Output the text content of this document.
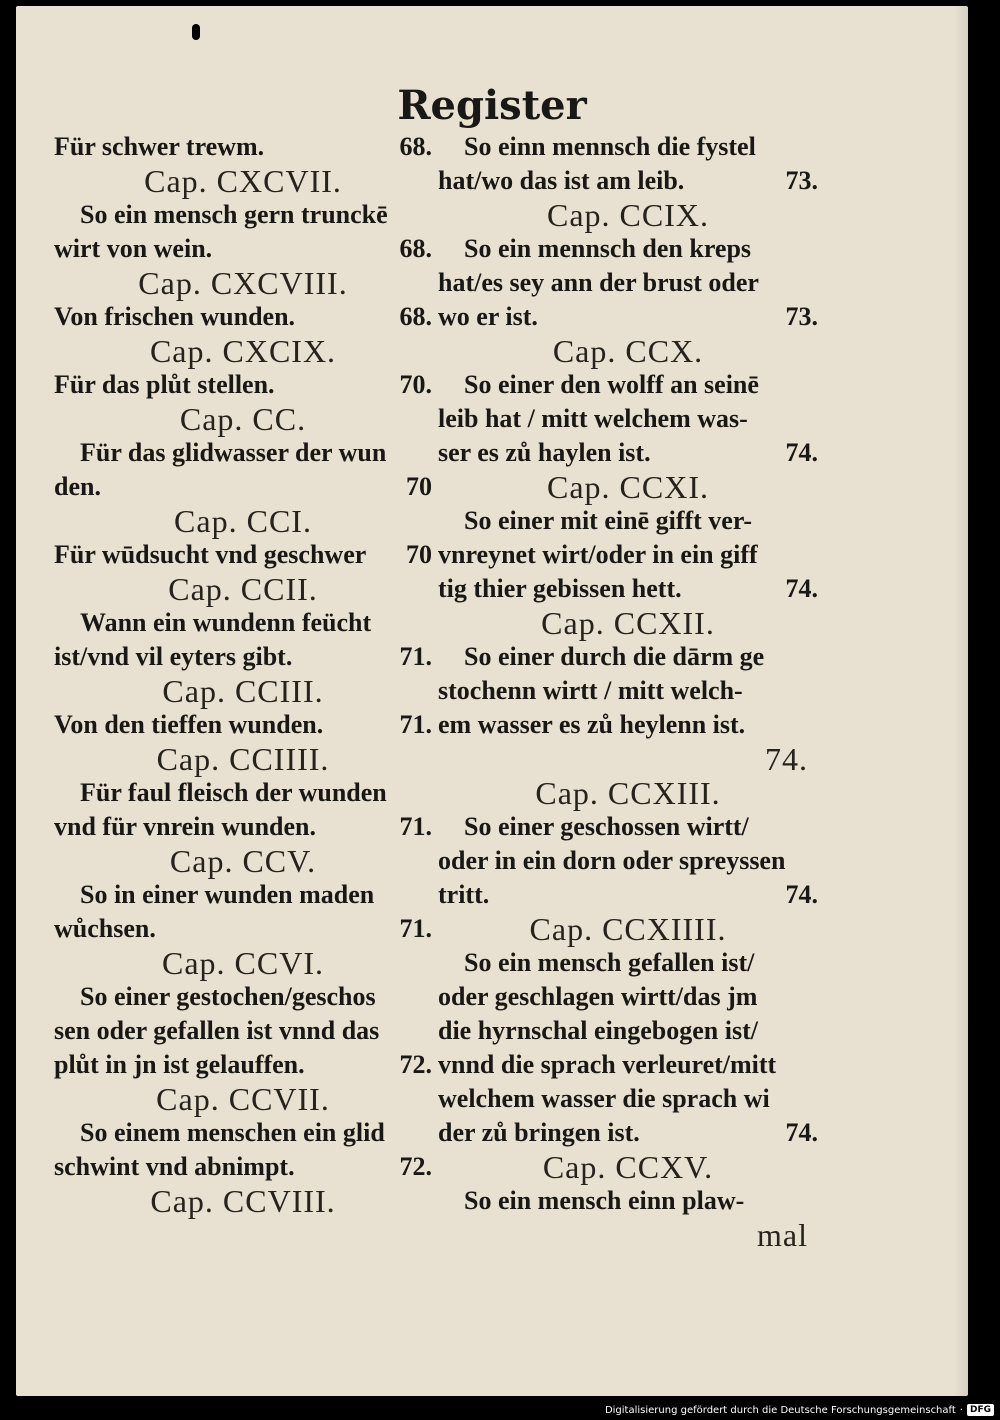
Register
Für schwer trewm.	68.
Cap. CXCVII.
So ein mensch gern trunckē
wirt von wein.	68.
Cap. CXCVIII.
Von frischen wunden.	68.
Cap. CXCIX.
Für das plůt stellen.	70.
Cap. CC.
Für das glidwasser der wun
den.	70
Cap. CCI.
Für wūdsucht vnd geschwer	70
Cap. CCII.
Wann ein wundenn feücht
ist/vnd vil eyters gibt.	71.
Cap. CCIII.
Von den tieffen wunden.	71.
Cap. CCIIII.
Für faul fleisch der wunden
vnd für vnrein wunden.	71.
Cap. CCV.
So in einer wunden maden
wůchsen.	71.
Cap. CCVI.
So einer gestochen/geschos
sen oder gefallen ist vnnd das
plůt in jn ist gelauffen.	72.
Cap. CCVII.
So einem menschen ein glid
schwint vnd abnimpt.	72.
Cap. CCVIII.
So einn mennsch die fystel
hat/wo das ist am leib.	73.
Cap. CCIX.
So ein mennsch den kreps
hat/es sey ann der brust oder
wo er ist.	73.
Cap. CCX.
So einer den wolff an seinē
leib hat / mitt welchem was-
ser es zů haylen ist.	74.
Cap. CCXI.
So einer mit einē gifft ver-
vnreynet wirt/oder in ein giff
tig thier gebissen hett.	74.
Cap. CCXII.
So einer durch die dārm ge
stochenn wirtt / mitt welch-
em wasser es zů heylenn ist.
74.
Cap. CCXIII.
So einer geschossen wirtt/
oder in ein dorn oder spreyssen
tritt.	74.
Cap. CCXIIII.
So ein mensch gefallen ist/
oder geschlagen wirtt/das jm
die hyrnschal eingebogen ist/
vnnd die sprach verleuret/mitt
welchem wasser die sprach wi
der zů bringen ist.	74.
Cap. CCXV.
So ein mensch einn plaw-
mal
Digitalisierung gefördert durch die Deutsche Forschungsgemeinschaft · DFG
